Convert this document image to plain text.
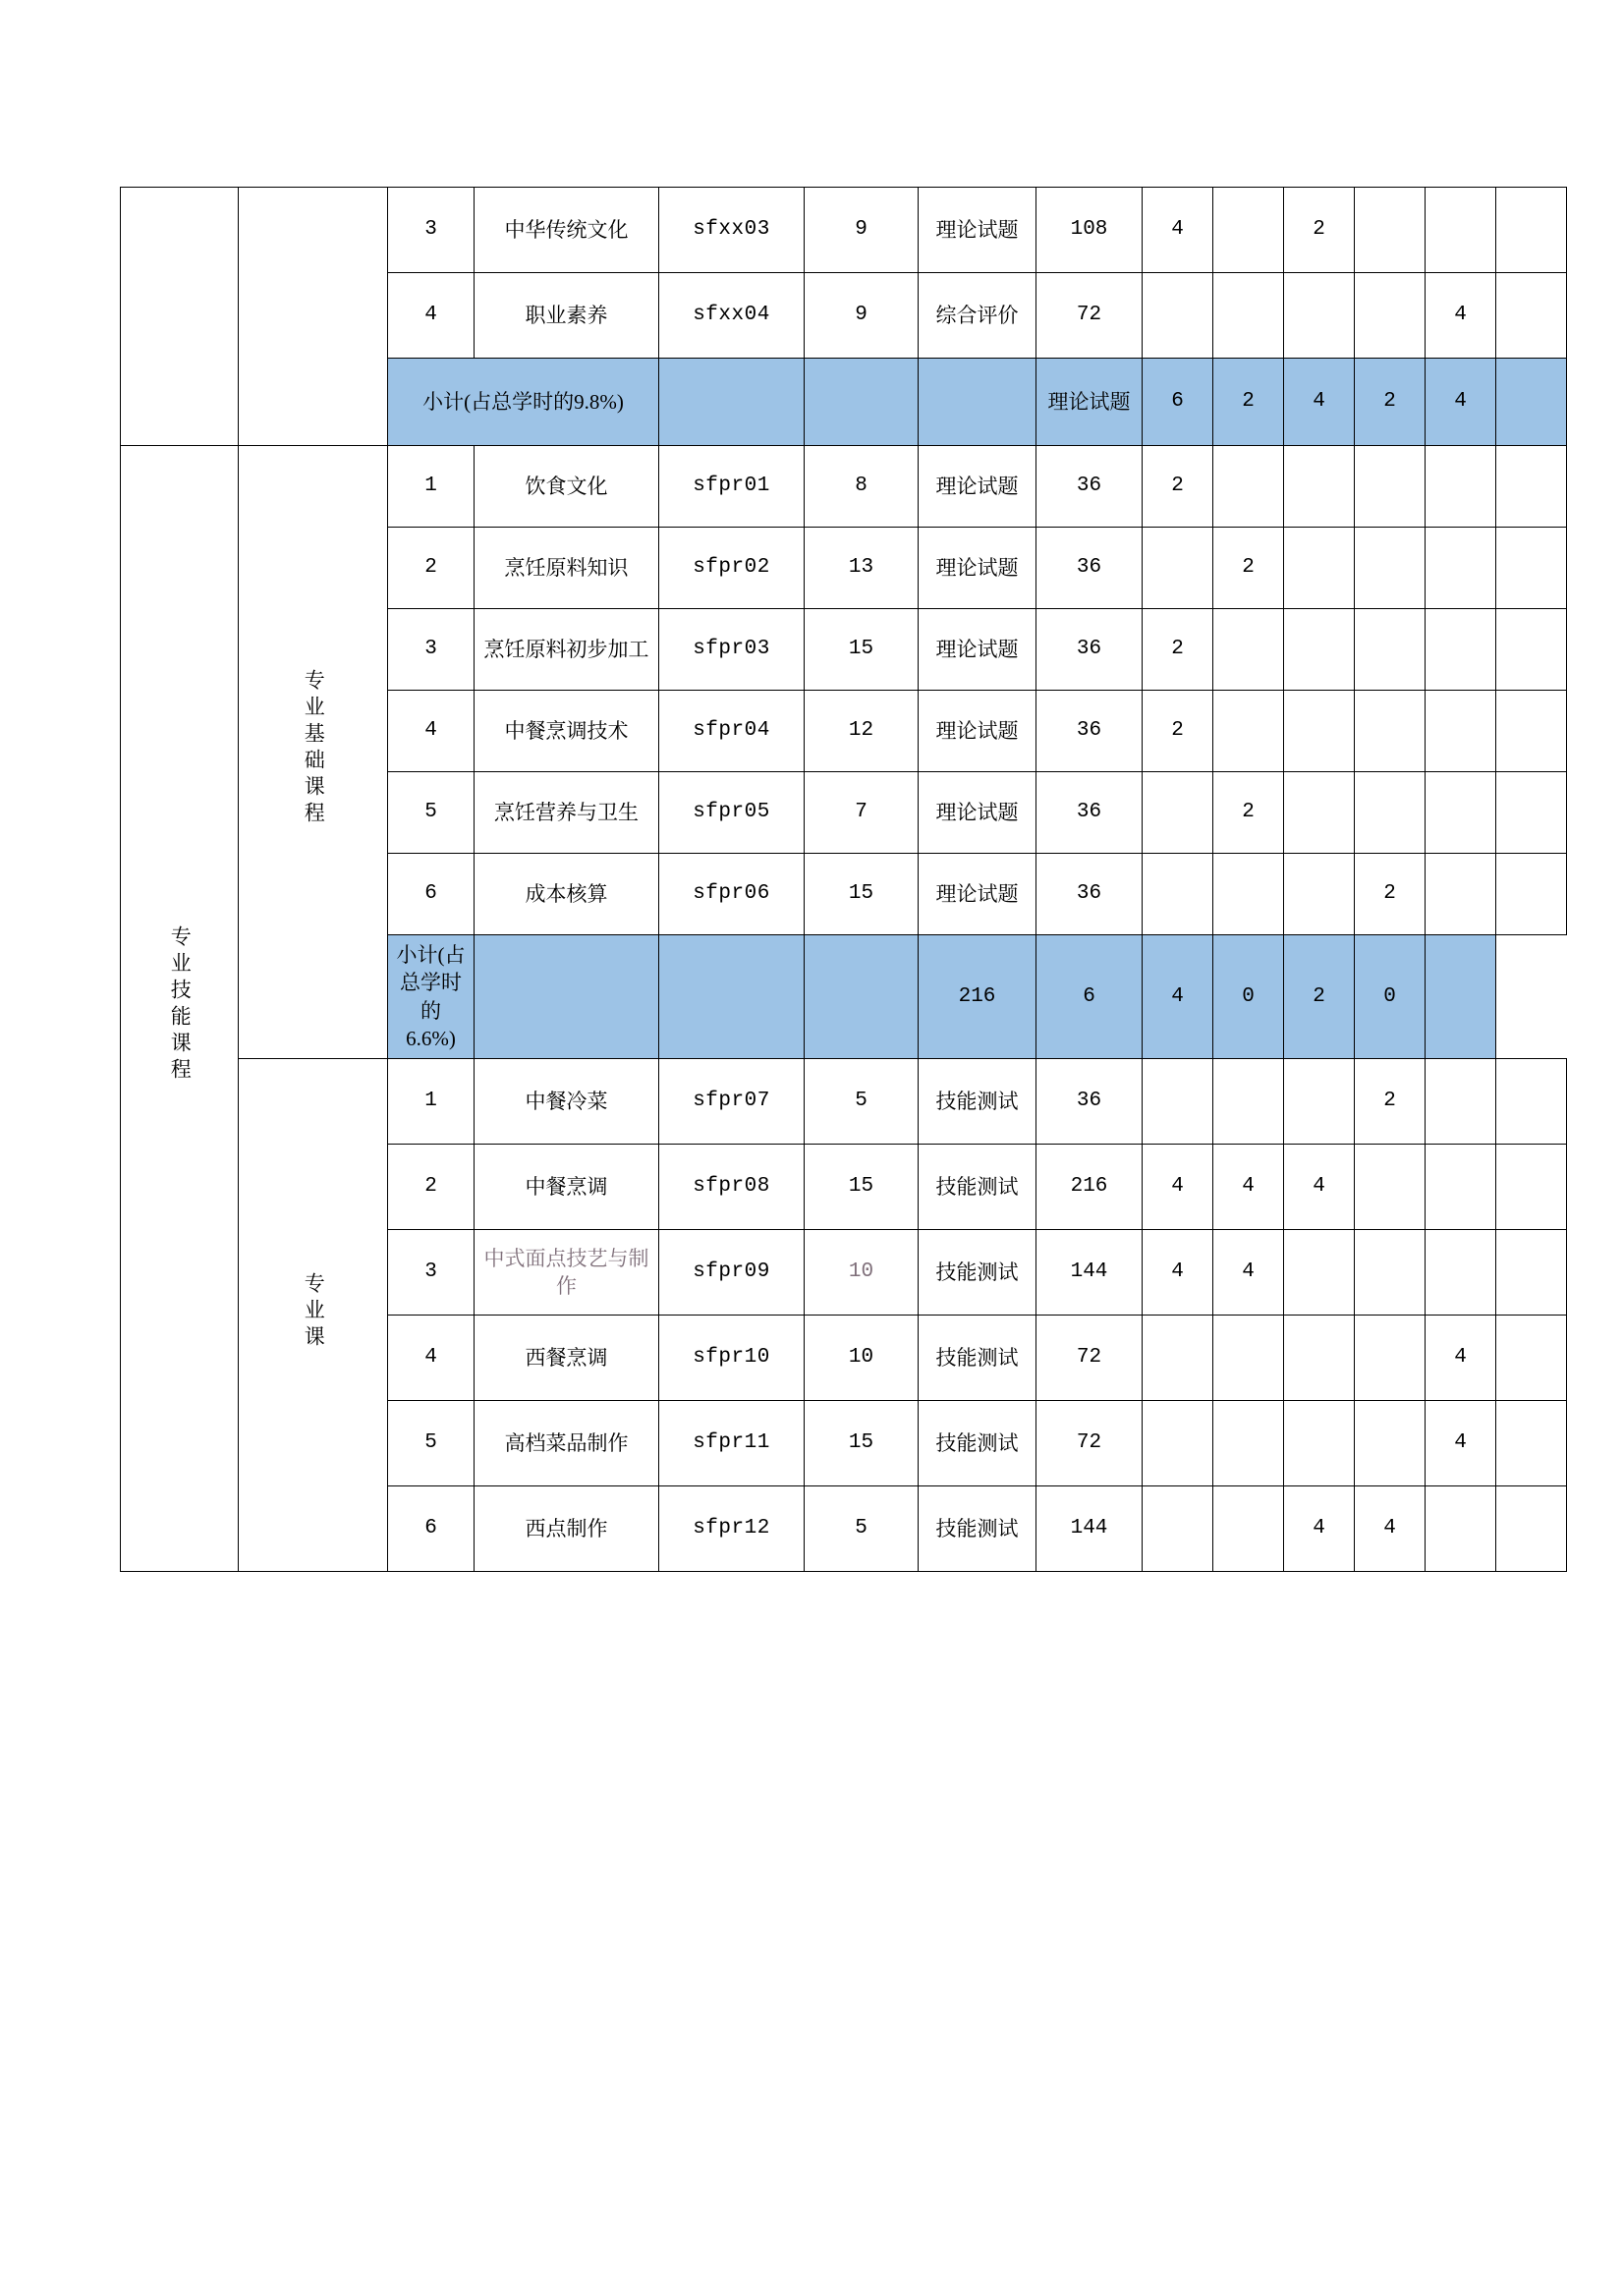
		3	中华传统文化	sfxx03	9	理论试题	108	4		2			
		4	职业素养	sfxx04	9	综合评价	72					4	
		小计(占总学时的9.8%)					理论试题	6	2	4	2	4	
专业技能课程	专业基础课程	1	饮食文化	sfpr01	8	理论试题	36	2					
		2	烹饪原料知识	sfpr02	13	理论试题	36		2				
		3	烹饪原料初步加工	sfpr03	15	理论试题	36	2					
		4	中餐烹调技术	sfpr04	12	理论试题	36	2					
		5	烹饪营养与卫生	sfpr05	7	理论试题	36		2				
		6	成本核算	sfpr06	15	理论试题	36				2		
		小计(占总学时的6.6%)				216	6	4	0	2	0		
	专业课	1	中餐冷菜	sfpr07	5	技能测试	36				2		
		2	中餐烹调	sfpr08	15	技能测试	216	4	4	4			
		3	中式面点技艺与制作	sfpr09	10	技能测试	144	4	4				
		4	西餐烹调	sfpr10	10	技能测试	72					4	
		5	高档菜品制作	sfpr11	15	技能测试	72					4	
		6	西点制作	sfpr12	5	技能测试	144			4	4		
